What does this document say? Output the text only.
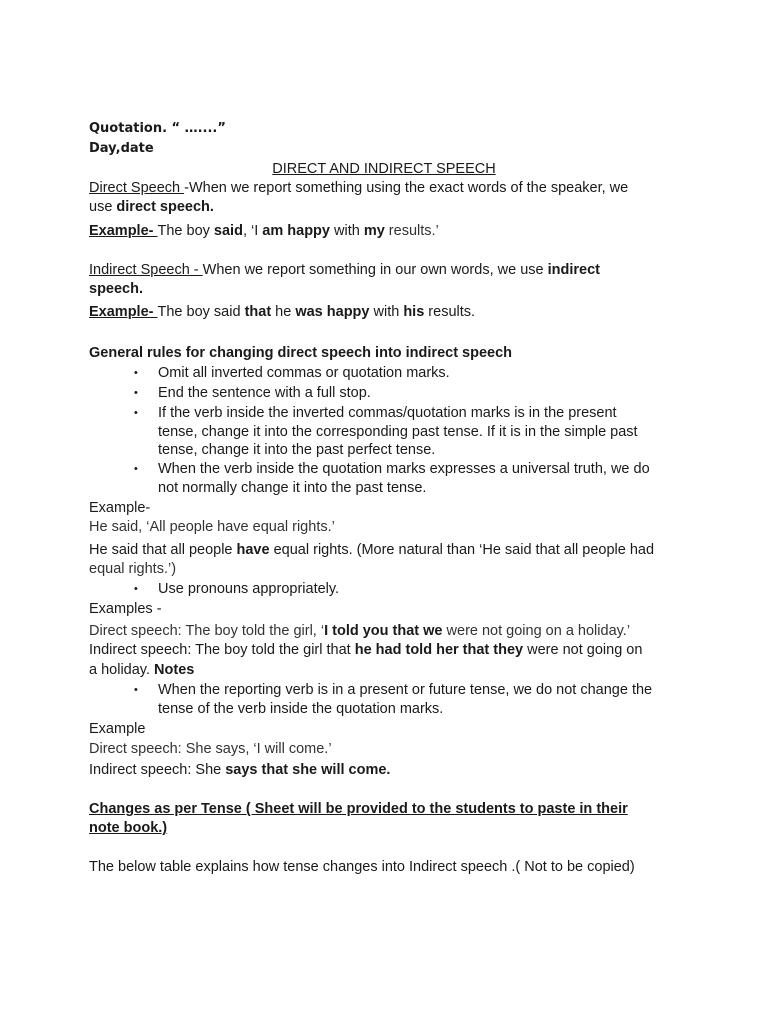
Quotation. “ …....”
Day,date
DIRECT AND INDIRECT SPEECH
Direct Speech -When we report something using the exact words of the speaker, we
use direct speech.
Example- The boy said, ‘I am happy with my results.’
Indirect Speech - When we report something in our own words, we use indirect
speech.
Example- The boy said that he was happy with his results.
General rules for changing direct speech into indirect speech
• Omit all inverted commas or quotation marks.
• End the sentence with a full stop.
• If the verb inside the inverted commas/quotation marks is in the present
tense, change it into the corresponding past tense. If it is in the simple past
tense, change it into the past perfect tense.
• When the verb inside the quotation marks expresses a universal truth, we do
not normally change it into the past tense.
Example-
He said, ‘All people have equal rights.’
He said that all people have equal rights. (More natural than ‘He said that all people had
equal rights.’)
• Use pronouns appropriately.
Examples -
Direct speech: The boy told the girl, ‘I told you that we were not going on a holiday.’
Indirect speech: The boy told the girl that he had told her that they were not going on
a holiday. Notes
• When the reporting verb is in a present or future tense, we do not change the
tense of the verb inside the quotation marks.
Example
Direct speech: She says, ‘I will come.’
Indirect speech: She says that she will come.
Changes as per Tense ( Sheet will be provided to the students to paste in their
note book.)
The below table explains how tense changes into Indirect speech .( Not to be copied)
